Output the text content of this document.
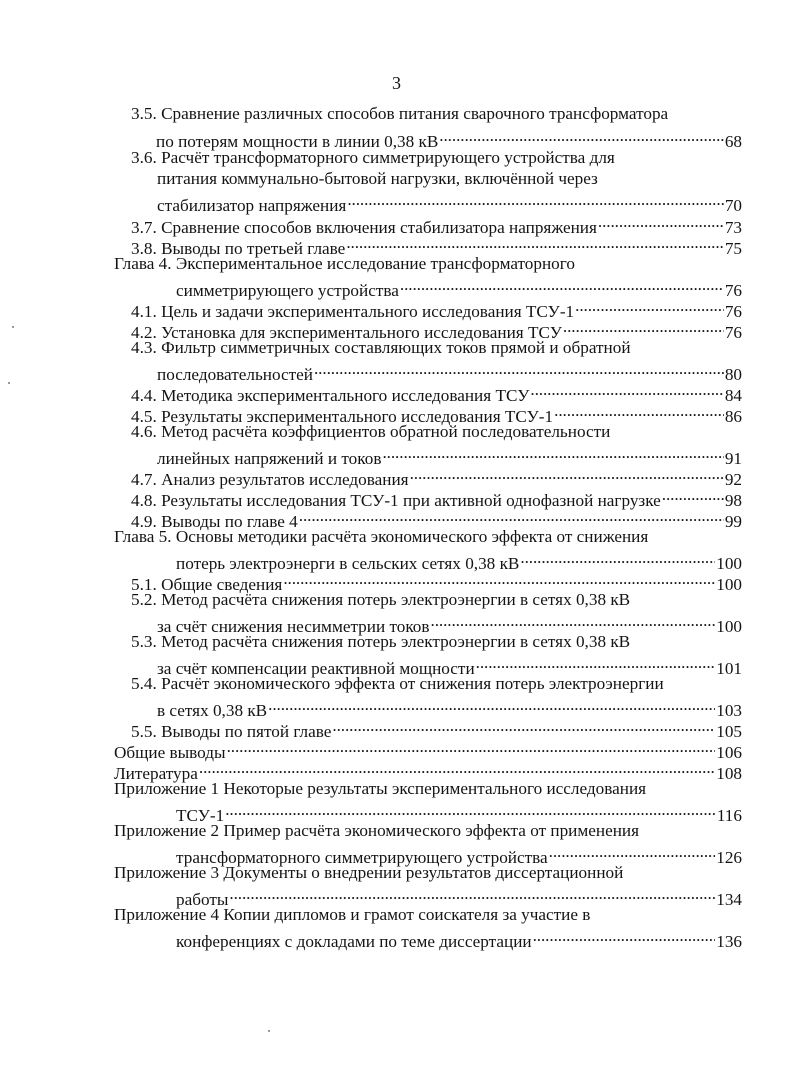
3
3.5. Сравнение различных способов питания сварочного трансформатора
по потерям мощности в линии 0,38 кВ . . .	68
3.6. Расчёт трансформаторного симметрирующего устройства для
питания коммунально-бытовой нагрузки, включённой через
стабилизатор напряжения . . .	70
3.7. Сравнение способов включения стабилизатора напряжения . . .	73
3.8. Выводы по третьей главе . . .	75
Глава 4. Экспериментальное исследование трансформаторного
симметрирующего устройства . . .	76
4.1. Цель и задачи экспериментального исследования ТСУ-1 . . .	76
4.2. Установка для экспериментального исследования ТСУ . . .	76
4.3. Фильтр симметричных составляющих токов прямой и обратной
последовательностей . . .	80
4.4. Методика экспериментального исследования ТСУ . . .	84
4.5. Результаты экспериментального исследования ТСУ-1 . . .	86
4.6. Метод расчёта коэффициентов обратной последовательности
линейных напряжений и токов . . .	91
4.7. Анализ результатов исследования . . .	92
4.8. Результаты исследования ТСУ-1 при активной однофазной нагрузке . . .	98
4.9. Выводы по главе 4 . . .	99
Глава 5. Основы методики расчёта экономического эффекта от снижения
потерь электроэнерги в сельских сетях 0,38 кВ . . .	100
5.1. Общие сведения . . .	100
5.2. Метод расчёта снижения потерь электроэнергии в сетях 0,38 кВ
за счёт снижения несимметрии токов . . .	100
5.3. Метод расчёта снижения потерь электроэнергии в сетях 0,38 кВ
за счёт компенсации реактивной мощности . . .	101
5.4. Расчёт экономического эффекта от снижения потерь электроэнергии
в сетях 0,38 кВ . . .	103
5.5. Выводы по пятой главе . . .	105
Общие выводы . . .	106
Литература . . .	108
Приложение 1 Некоторые результаты экспериментального исследования
ТСУ-1 . . .	116
Приложение 2 Пример расчёта экономического эффекта от применения
трансформаторного симметрирующего устройства . . .	126
Приложение 3 Документы о внедрении результатов диссертационной
работы . . .	134
Приложение 4 Копии дипломов и грамот соискателя за участие в
конференциях с докладами по теме диссертации . . .	136
